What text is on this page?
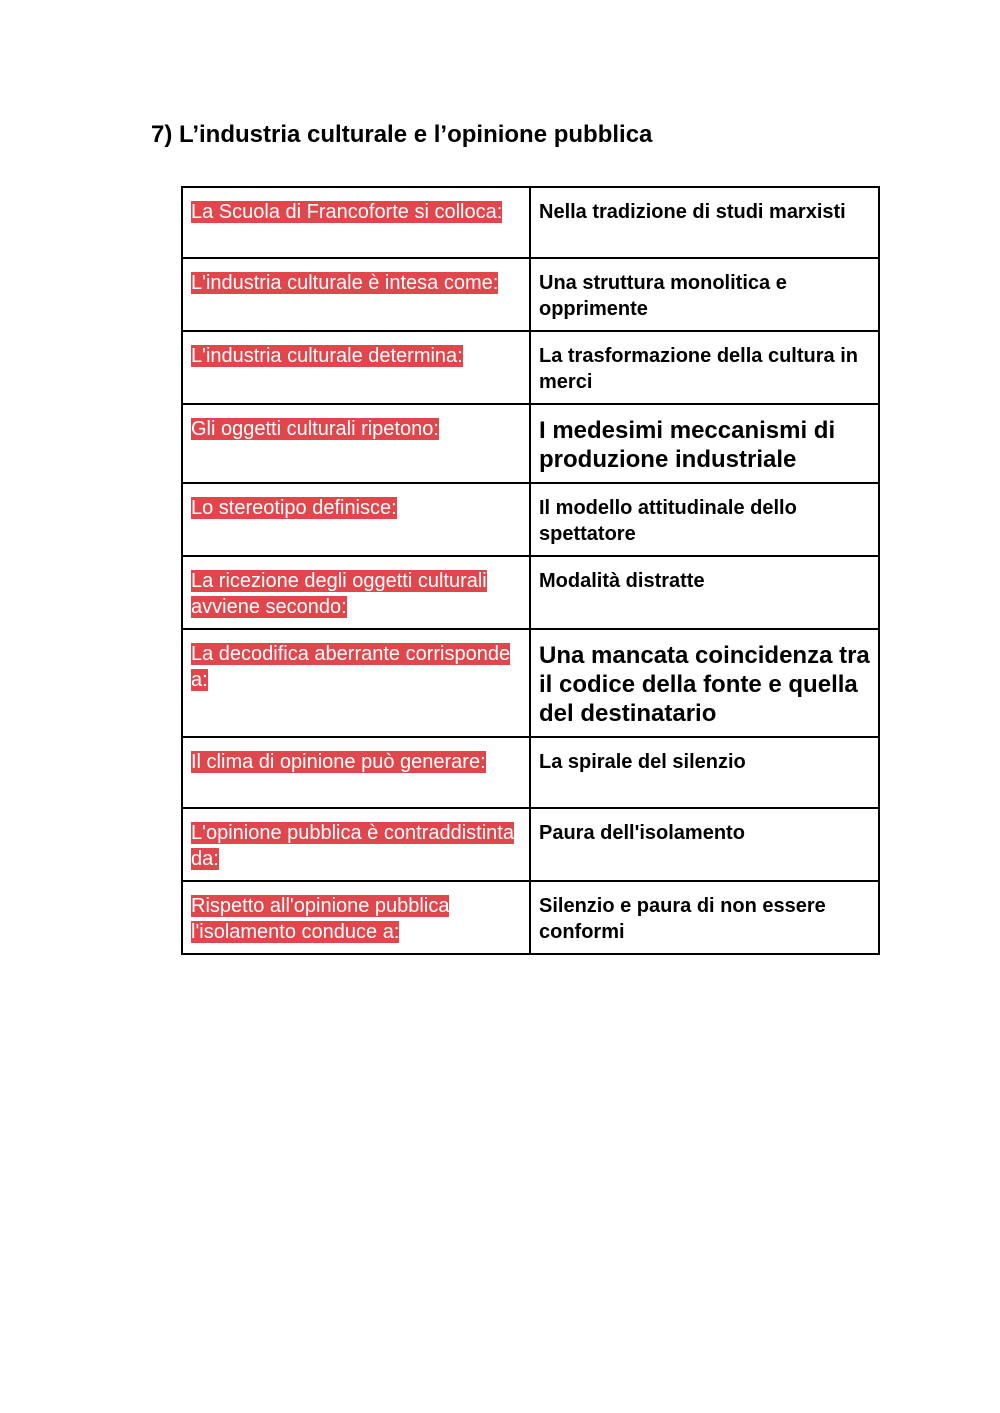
7) L’industria culturale e l’opinione pubblica
La Scuola di Francoforte si colloca:	Nella tradizione di studi marxisti
L'industria culturale è intesa come:	Una struttura monolitica e opprimente
L'industria culturale determina:	La trasformazione della cultura in merci
Gli oggetti culturali ripetono:	I medesimi meccanismi di produzione industriale
Lo stereotipo definisce:	Il modello attitudinale dello spettatore
La ricezione degli oggetti culturali avviene secondo:	Modalità distratte
La decodifica aberrante corrisponde a:	Una mancata coincidenza tra il codice della fonte e quella del destinatario
Il clima di opinione può generare:	La spirale del silenzio
L'opinione pubblica è contraddistinta da:	Paura dell'isolamento
Rispetto all'opinione pubblica l'isolamento conduce a:	Silenzio e paura di non essere conformi
